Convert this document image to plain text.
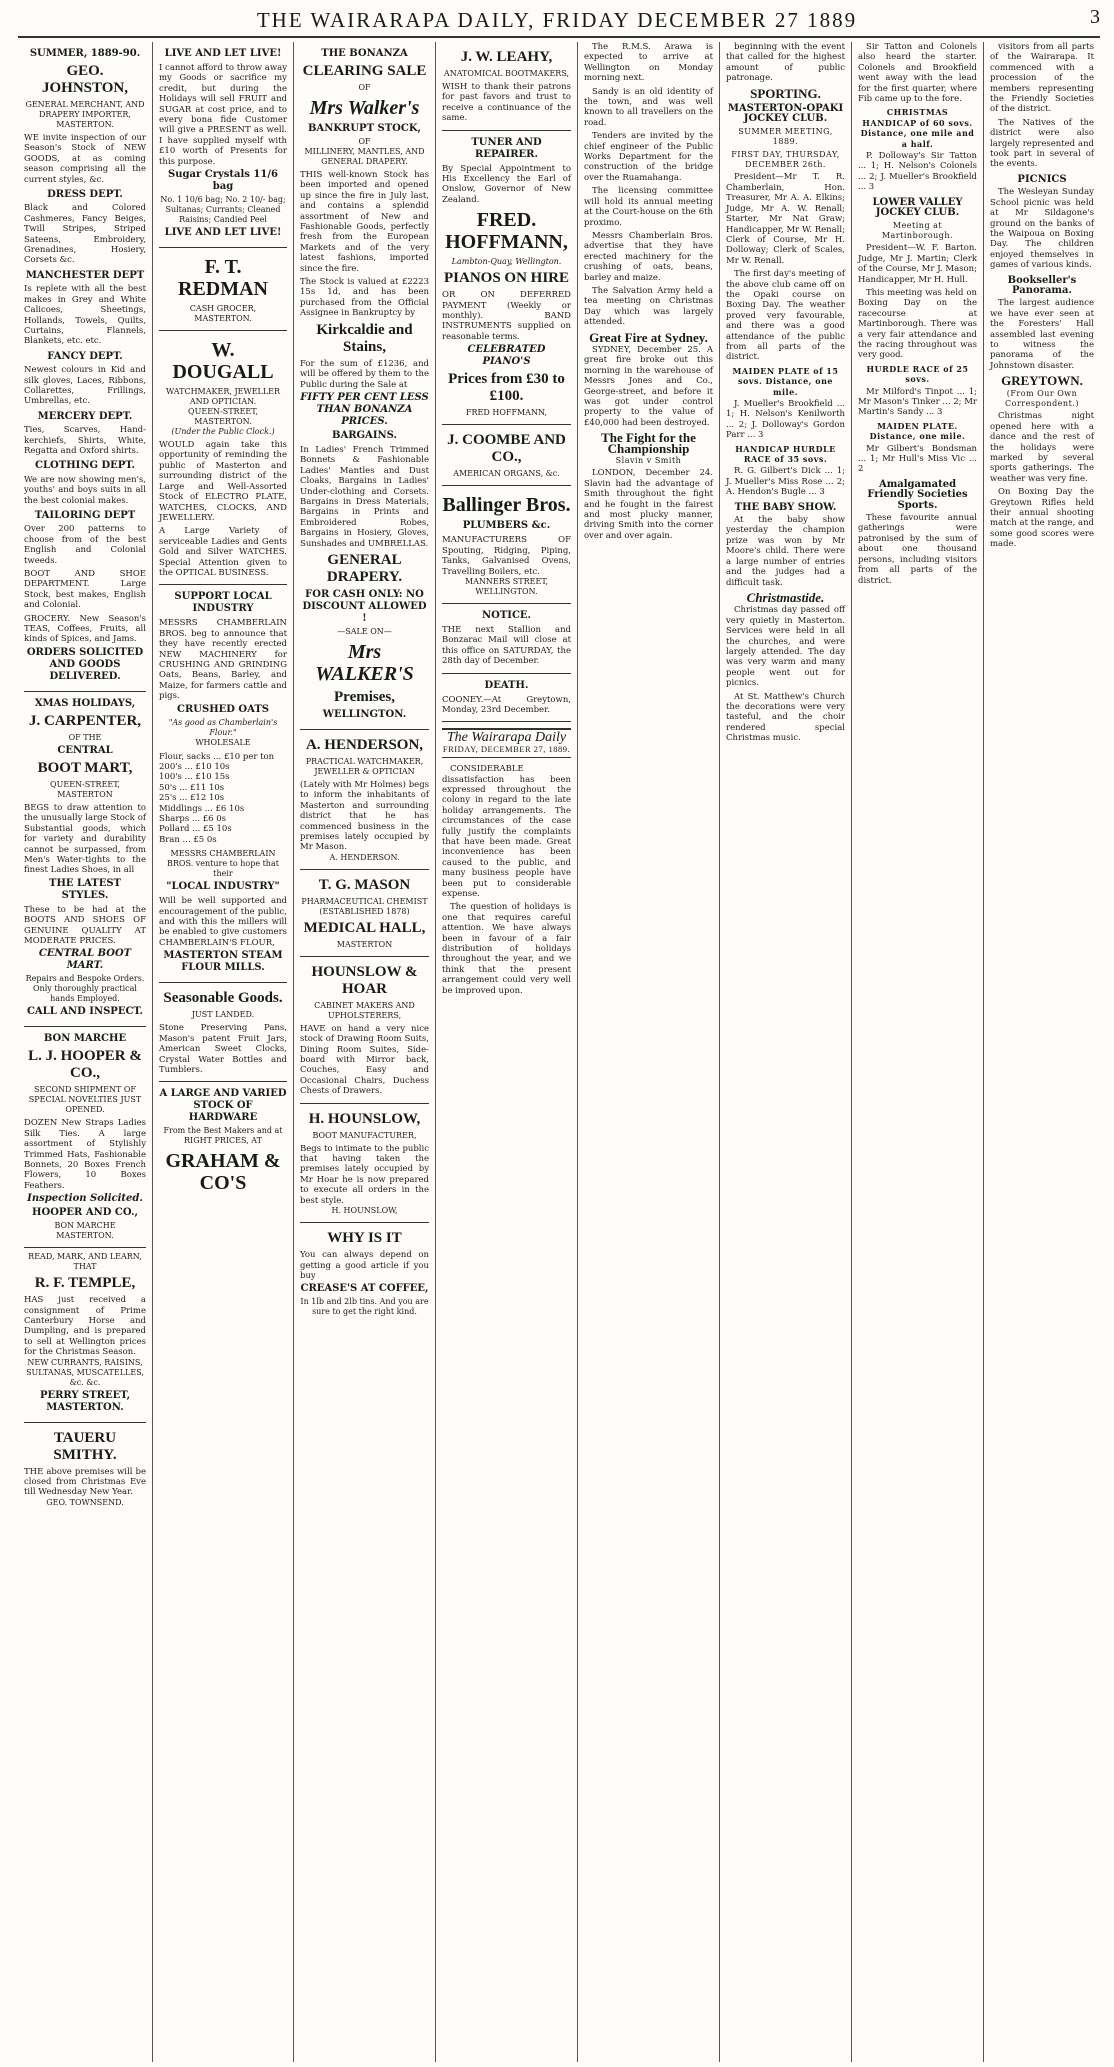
THE WAIRARAPA DAILY, FRIDAY DECEMBER 27 1889	3
SUMMER, 1889-90.
GEO. JOHNSTON,
GENERAL MERCHANT, AND DRAPERY IMPORTER,
MASTERTON.
WE invite inspection of our Season's Stock of NEW GOODS, at as coming season comprising all the current styles, &c.
DRESS DEPT.
Black and Colored Cashmeres, Fancy Beiges, Twill Stripes, Striped Sateens, Embroidery, Grenadines, Hosiery, Corsets &c.
MANCHESTER DEPT
Is replete with all the best makes in Grey and White Calicoes, Sheetings, Hollands, Towels, Quilts, Curtains, Flannels, Blankets, etc. etc.
FANCY DEPT.
Newest colours in Kid and silk gloves, Laces, Ribbons, Collarettes, Frillings, Umbrellas, etc.
MERCERY DEPT.
Ties, Scarves, Hand-kerchiefs, Shirts, White, Regatta and Oxford shirts.
CLOTHING DEPT.
We are now showing men's, youths' and boys suits in all the best colonial makes.
TAILORING DEPT
Over 200 patterns to choose from of the best English and Colonial tweeds.
BOOT AND SHOE DEPARTMENT. Large Stock, best makes, English and Colonial.
GROCERY. New Season's TEAS, Coffees, Fruits, all kinds of Spices, and Jams.
ORDERS SOLICITED AND GOODS DELIVERED.
XMAS HOLIDAYS,
J. CARPENTER,
OF THE
CENTRAL
BOOT MART,
QUEEN-STREET, MASTERTON
BEGS to draw attention to the unusually large Stock of Substantial goods, which for variety and durability cannot be surpassed, from Men's Water-tights to the finest Ladies Shoes, in all
THE LATEST STYLES.
These to be had at the BOOTS AND SHOES OF GENUINE QUALITY AT MODERATE PRICES.
CENTRAL BOOT MART.
Repairs and Bespoke Orders.
Only thoroughly practical hands Employed.
CALL AND INSPECT.
BON MARCHE
L. J. HOOPER & CO.,
SECOND SHIPMENT OF SPECIAL NOVELTIES JUST OPENED.
DOZEN New Straps Ladies Silk Ties. A large assortment of Stylishly Trimmed Hats, Fashionable Bonnets, 20 Boxes French Flowers, 10 Boxes Feathers.
Inspection Solicited.
HOOPER AND CO.,
BON MARCHE
MASTERTON.
READ, MARK, AND LEARN, THAT
R. F. TEMPLE,
HAS just received a consignment of Prime Canterbury Horse and Dumpling, and is prepared to sell at Wellington prices for the Christmas Season.
NEW CURRANTS, RAISINS, SULTANAS, MUSCATELLES, &c. &c.
PERRY STREET, MASTERTON.
TAUERU SMITHY.
THE above premises will be closed from Christmas Eve till Wednesday New Year.
GEO. TOWNSEND.
LIVE AND LET LIVE!
I cannot afford to throw away my Goods or sacrifice my credit, but during the Holidays will sell FRUIT and SUGAR at cost price, and to every bona fide Customer will give a PRESENT as well. I have supplied myself with £10 worth of Presents for this purpose.
Sugar Crystals 11/6 bag
No. 1 10/6 bag; No. 2 10/- bag; Sultanas; Currants; Cleaned Raisins; Candied Peel
LIVE AND LET LIVE!
F. T. REDMAN
CASH GROCER,
MASTERTON.
W. DOUGALL
WATCHMAKER, JEWELLER AND OPTICIAN.
QUEEN-STREET, MASTERTON.
(Under the Public Clock.)
WOULD again take this opportunity of reminding the public of Masterton and surrounding district of the Large and Well-Assorted Stock of ELECTRO PLATE, WATCHES, CLOCKS, AND JEWELLERY.
A Large Variety of serviceable Ladies and Gents Gold and Silver WATCHES. Special Attention given to the OPTICAL BUSINESS.
SUPPORT LOCAL INDUSTRY
MESSRS CHAMBERLAIN BROS. beg to announce that they have recently erected NEW MACHINERY for CRUSHING AND GRINDING Oats, Beans, Barley, and Maize, for farmers cattle and pigs.
CRUSHED OATS
"As good as Chamberlain's Flour."
WHOLESALE
Flour, sacks ... £10 per ton
200's ... £10 10s
100's ... £10 15s
50's ... £11 10s
25's ... £12 10s
Middlings ... £6 10s
Sharps ... £6 0s
Pollard ... £5 10s
Bran ... £5 0s
MESSRS CHAMBERLAIN BROS. venture to hope that their
"LOCAL INDUSTRY"
Will be well supported and encouragement of the public, and with this the millers will be enabled to give customers CHAMBERLAIN'S FLOUR,
MASTERTON STEAM FLOUR MILLS.
Seasonable Goods.
JUST LANDED.
Stone Preserving Pans, Mason's patent Fruit Jars, American Sweet Clocks, Crystal Water Bottles and Tumblers.
A LARGE AND VARIED STOCK OF HARDWARE
From the Best Makers and at RIGHT PRICES, AT
GRAHAM & CO'S
THE BONANZA
CLEARING SALE
OF
Mrs Walker's
BANKRUPT STOCK,
OF
MILLINERY, MANTLES, AND GENERAL DRAPERY.
THIS well-known Stock has been imported and opened up since the fire in July last, and contains a splendid assortment of New and Fashionable Goods, perfectly fresh from the European Markets and of the very latest fashions, imported since the fire.
The Stock is valued at £2223 15s 1d, and has been purchased from the Official Assignee in Bankruptcy by
Kirkcaldie and Stains,
For the sum of £1236, and will be offered by them to the Public during the Sale at
FIFTY PER CENT LESS THAN BONANZA PRICES.
BARGAINS.
In Ladies' French Trimmed Bonnets & Fashionable Ladies' Mantles and Dust Cloaks, Bargains in Ladies' Under-clothing and Corsets. Bargains in Dress Materials, Bargains in Prints and Embroidered Robes, Bargains in Hosiery, Gloves, Sunshades and UMBRELLAS.
GENERAL DRAPERY.
FOR CASH ONLY: NO DISCOUNT ALLOWED !
—SALE ON—
Mrs WALKER'S
Premises,
WELLINGTON.
A. HENDERSON,
PRACTICAL WATCHMAKER, JEWELLER & OPTICIAN
(Lately with Mr Holmes) begs to inform the inhabitants of Masterton and surrounding district that he has commenced business in the premises lately occupied by Mr Mason.
A. HENDERSON.
T. G. MASON
PHARMACEUTICAL CHEMIST
(ESTABLISHED 1878)
MEDICAL HALL,
MASTERTON
HOUNSLOW & HOAR
CABINET MAKERS AND UPHOLSTERERS,
HAVE on hand a very nice stock of Drawing Room Suits, Dining Room Suites, Side-board with Mirror back, Couches, Easy and Occasional Chairs, Duchess Chests of Drawers.
H. HOUNSLOW,
BOOT MANUFACTURER,
Begs to intimate to the public that having taken the premises lately occupied by Mr Hoar he is now prepared to execute all orders in the best style.
H. HOUNSLOW,
WHY IS IT
You can always depend on getting a good article if you buy
CREASE'S AT COFFEE,
In 1lb and 2lb tins. And you are sure to get the right kind.
J. W. LEAHY,
ANATOMICAL BOOTMAKERS,
WISH to thank their patrons for past favors and trust to receive a continuance of the same.
TUNER AND REPAIRER.
By Special Appointment to His Excellency the Earl of Onslow, Governor of New Zealand.
FRED. HOFFMANN,
Lambton-Quay, Wellington.
PIANOS ON HIRE
OR ON DEFERRED PAYMENT (Weekly or monthly). BAND INSTRUMENTS supplied on reasonable terms.
CELEBRATED PIANO'S
Prices from £30 to £100.
FRED HOFFMANN,
J. COOMBE AND CO.,
AMERICAN ORGANS, &c.
Ballinger Bros.
PLUMBERS &c.
MANUFACTURERS OF Spouting, Ridging, Piping, Tanks, Galvanised Ovens, Travelling Boilers, etc.
MANNERS STREET, WELLINGTON.
NOTICE.
THE next Stallion and Bonzarac Mail will close at this office on SATURDAY, the 28th day of December.
DEATH.
COONEY.—At Greytown, Monday, 23rd December.
The Wairarapa Daily
FRIDAY, DECEMBER 27, 1889.

CONSIDERABLE dissatisfaction has been expressed throughout the colony in regard to the late holiday arrangements. The circumstances of the case fully justify the complaints that have been made. Great inconvenience has been caused to the public, and many business people have been put to considerable expense.

The question of holidays is one that requires careful attention. We have always been in favour of a fair distribution of holidays throughout the year, and we think that the present arrangement could very well be improved upon.

The R.M.S. Arawa is expected to arrive at Wellington on Monday morning next.

Sandy is an old identity of the town, and was well known to all travellers on the road.

Tenders are invited by the chief engineer of the Public Works Department for the construction of the bridge over the Ruamahanga.

The licensing committee will hold its annual meeting at the Court-house on the 6th proximo.

Messrs Chamberlain Bros. advertise that they have erected machinery for the crushing of oats, beans, barley and maize.

The Salvation Army held a tea meeting on Christmas Day which was largely attended.

Great Fire at Sydney.

SYDNEY, December 25. A great fire broke out this morning in the warehouse of Messrs Jones and Co., George-street, and before it was got under control property to the value of £40,000 had been destroyed.

The Fight for the Championship
Slavin v Smith

LONDON, December 24. Slavin had the advantage of Smith throughout the fight and he fought in the fairest and most plucky manner, driving Smith into the corner over and over again.

beginning with the event that called for the highest amount of public patronage.

SPORTING.
MASTERTON-OPAKI JOCKEY CLUB.
SUMMER MEETING, 1889.
FIRST DAY, THURSDAY, DECEMBER 26th.

President—Mr T. R. Chamberlain, Hon. Treasurer, Mr A. A. Elkins; Judge, Mr A. W. Renall; Starter, Mr Nat Graw; Handicapper, Mr W. Renall; Clerk of Course, Mr H. Dolloway; Clerk of Scales, Mr W. Renall.

The first day's meeting of the above club came off on the Opaki course on Boxing Day. The weather proved very favourable, and there was a good attendance of the public from all parts of the district.

MAIDEN PLATE of 15 sovs. Distance, one mile.

J. Mueller's Brookfield ... 1; H. Nelson's Kenilworth ... 2; J. Dolloway's Gordon Parr ... 3

HANDICAP HURDLE RACE of 35 sovs.

R. G. Gilbert's Dick ... 1; J. Mueller's Miss Rose ... 2; A. Hendon's Bugle ... 3

THE BABY SHOW.

At the baby show yesterday the champion prize was won by Mr Moore's child. There were a large number of entries and the judges had a difficult task.

Christmastide.

Christmas day passed off very quietly in Masterton. Services were held in all the churches, and were largely attended. The day was very warm and many people went out for picnics.

At St. Matthew's Church the decorations were very tasteful, and the choir rendered special Christmas music.

Sir Tatton and Colonels also heard the starter. Colonels and Brookfield went away with the lead for the first quarter, where Fib came up to the fore.

CHRISTMAS HANDICAP of 60 sovs. Distance, one mile and a half.

P. Dolloway's Sir Tatton ... 1; H. Nelson's Colonels ... 2; J. Mueller's Brookfield ... 3

LOWER VALLEY JOCKEY CLUB.
Meeting at Martinborough.

President—W. F. Barton. Judge, Mr J. Martin; Clerk of the Course, Mr J. Mason; Handicapper, Mr H. Hull.

This meeting was held on Boxing Day on the racecourse at Martinborough. There was a very fair attendance and the racing throughout was very good.

HURDLE RACE of 25 sovs.

Mr Milford's Tinpot ... 1; Mr Mason's Tinker ... 2; Mr Martin's Sandy ... 3

MAIDEN PLATE. Distance, one mile.

Mr Gilbert's Bondsman ... 1; Mr Hull's Miss Vic ... 2

Amalgamated Friendly Societies Sports.

These favourite annual gatherings were patronised by the sum of about one thousand persons, including visitors from all parts of the district.

visitors from all parts of the Wairarapa. It commenced with a procession of the members representing the Friendly Societies of the district.

The Natives of the district were also largely represented and took part in several of the events.

PICNICS

The Wesleyan Sunday School picnic was held at Mr Sildagone's ground on the banks of the Waipoua on Boxing Day. The children enjoyed themselves in games of various kinds.

Bookseller's Panorama.

The largest audience we have ever seen at the Foresters' Hall assembled last evening to witness the panorama of the Johnstown disaster.

GREYTOWN.
(From Our Own Correspondent.)

Christmas night opened here with a dance and the rest of the holidays were marked by several sports gatherings. The weather was very fine.

On Boxing Day the Greytown Rifles held their annual shooting match at the range, and some good scores were made.
